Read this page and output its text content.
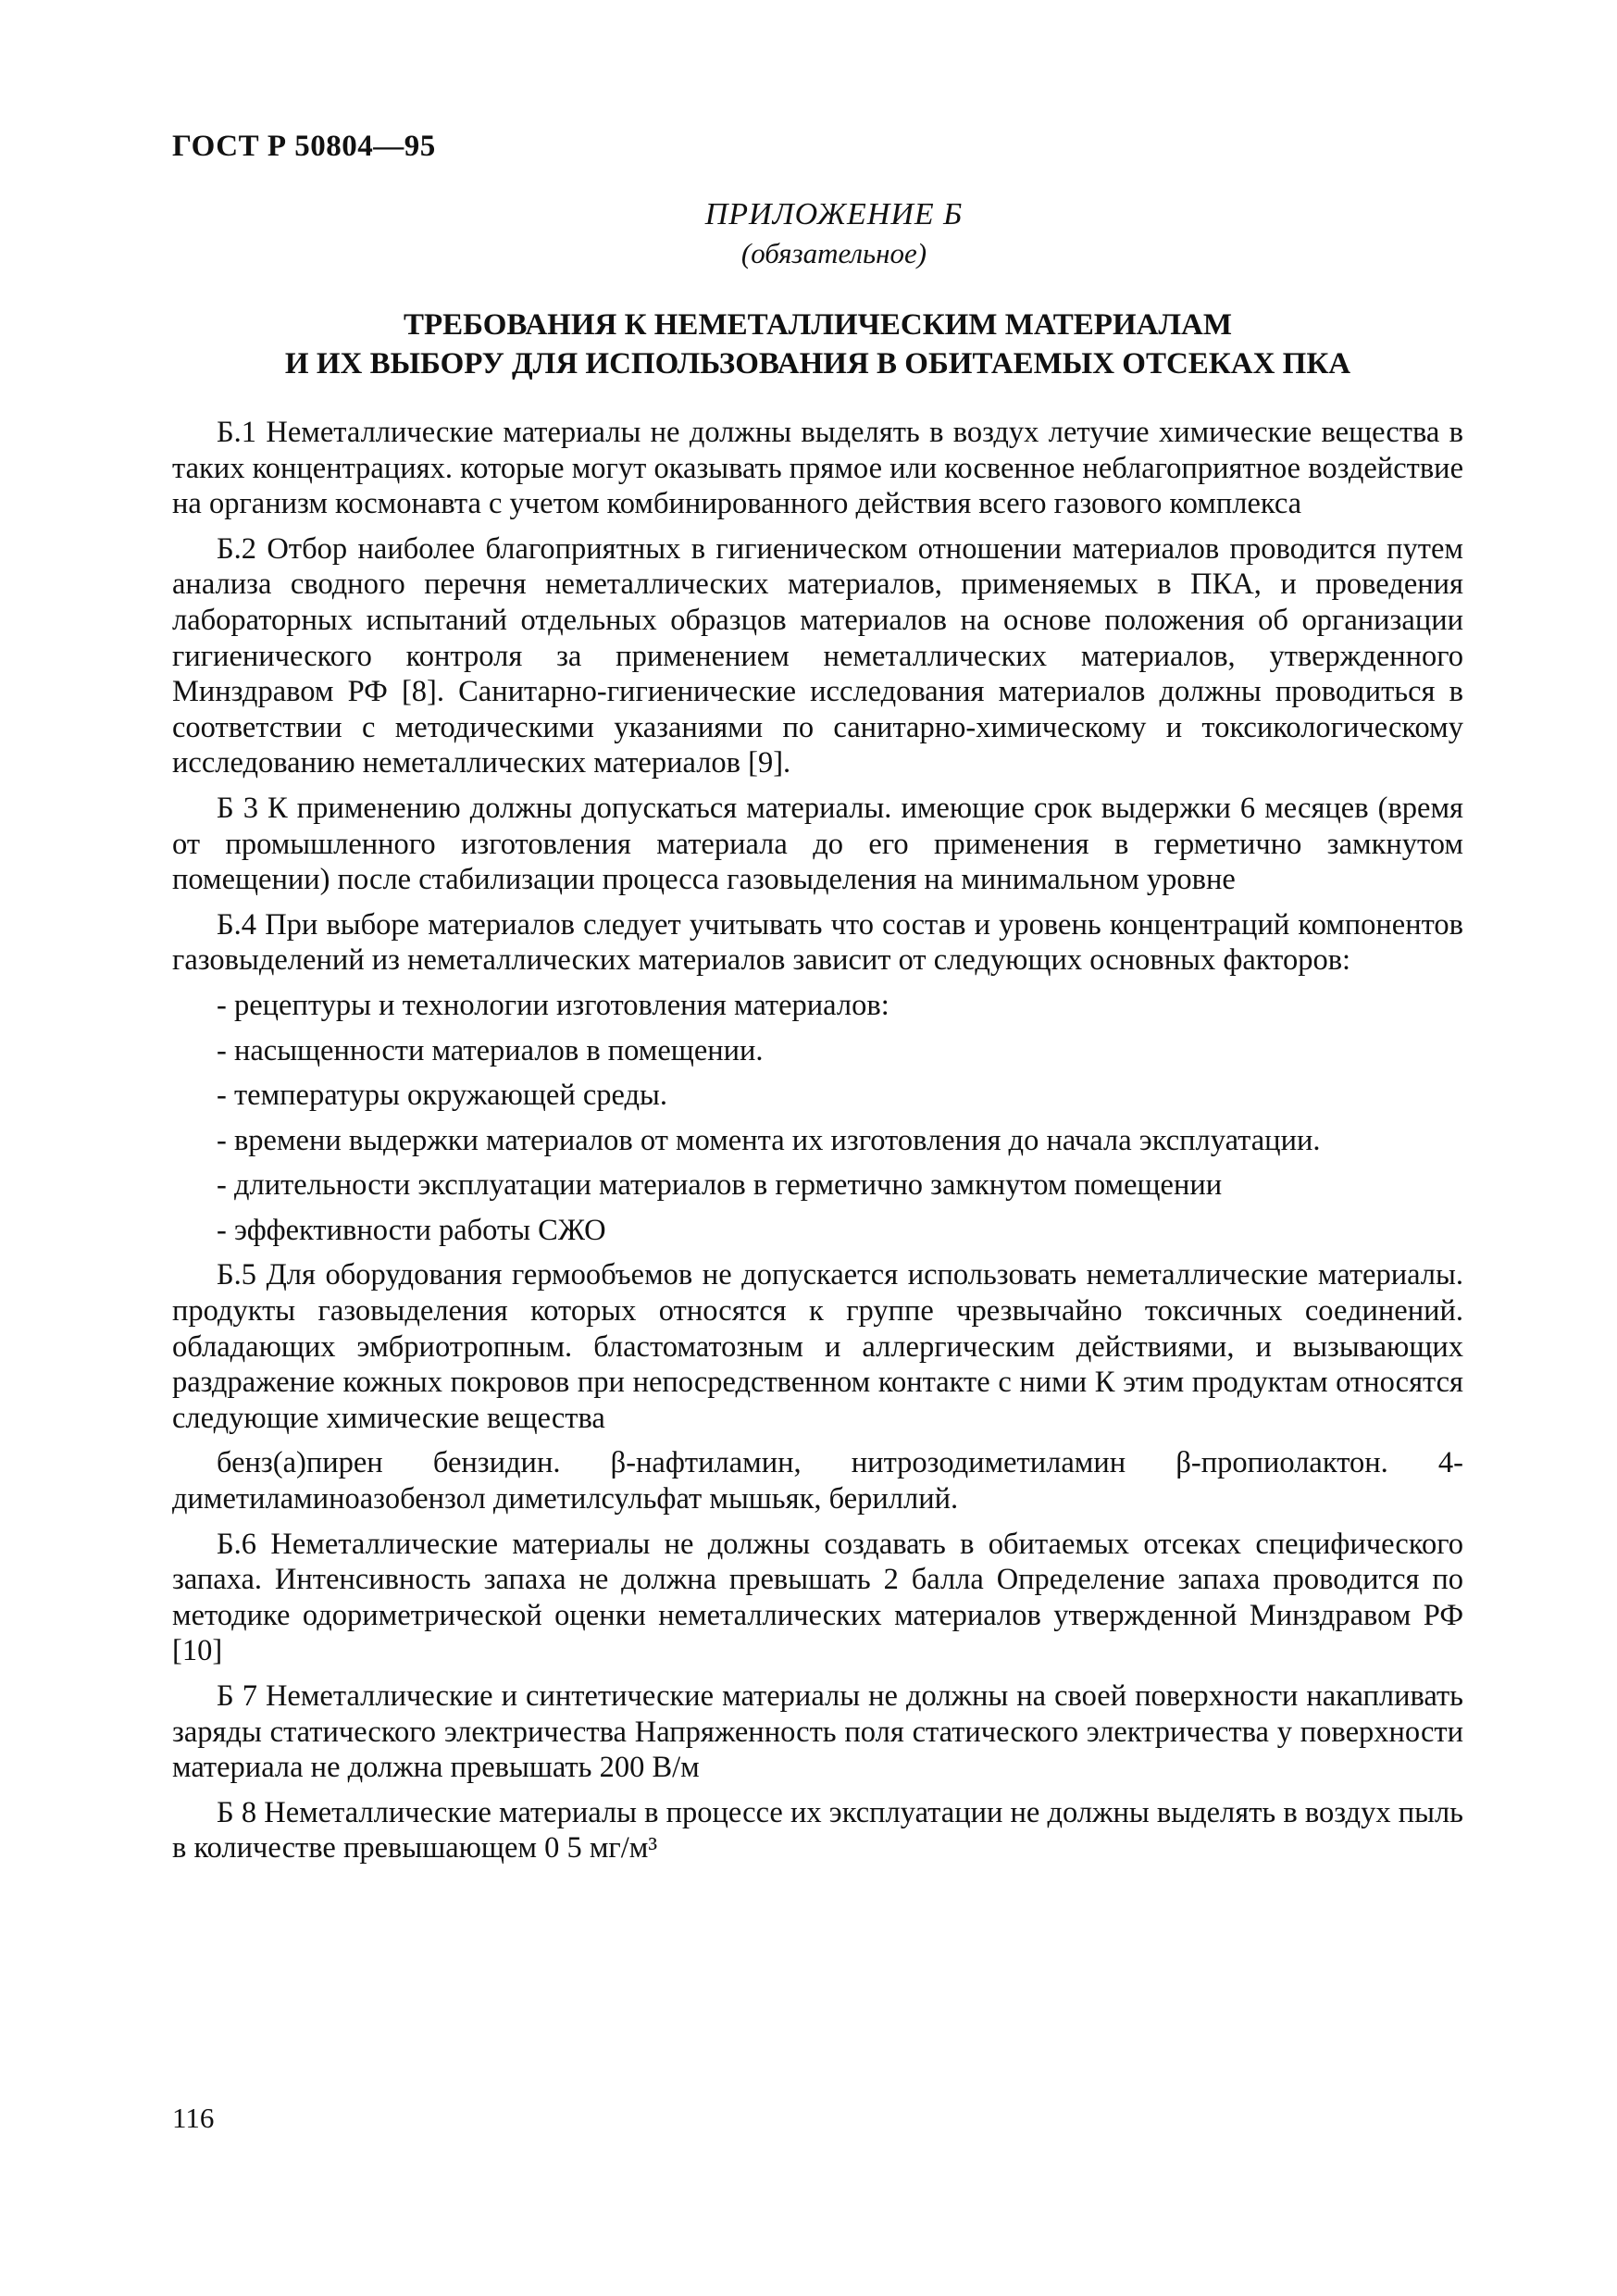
ГОСТ Р 50804—95
ПРИЛОЖЕНИЕ Б
(обязательное)
ТРЕБОВАНИЯ К НЕМЕТАЛЛИЧЕСКИМ МАТЕРИАЛАМ
И ИХ ВЫБОРУ ДЛЯ ИСПОЛЬЗОВАНИЯ В ОБИТАЕМЫХ ОТСЕКАХ ПКА

Б.1 Неметаллические материалы не должны выделять в воздух летучие химические вещества в таких концентрациях. которые могут оказывать прямое или косвенное неблагоприятное воздействие на организм космонавта с учетом комбинированного действия всего газового комплекса

Б.2 Отбор наиболее благоприятных в гигиеническом отношении материалов проводится путем анализа сводного перечня неметаллических материалов, применяемых в ПКА, и проведения лабораторных испытаний отдельных образцов материалов на основе положения об организации гигиенического контроля за применением неметаллических материалов, утвержденного Минздравом РФ [8]. Санитарно-гигиенические исследования материалов должны проводиться в соответствии с методическими указаниями по санитарно-химическому и токсикологическому исследованию неметаллических материалов [9].

Б 3 К применению должны допускаться материалы. имеющие срок выдержки 6 месяцев (время от промышленного изготовления материала до его применения в герметично замкнутом помещении) после стабилизации процесса газовыделения на минимальном уровне

Б.4 При выборе материалов следует учитывать что состав и уровень концентраций компонентов газовыделений из неметаллических материалов зависит от следующих основных факторов:

- рецептуры и технологии изготовления материалов:

- насыщенности материалов в помещении.

- температуры окружающей среды.

- времени выдержки материалов от момента их изготовления до начала эксплуатации.

- длительности эксплуатации материалов в герметично замкнутом помещении

- эффективности работы СЖО

Б.5 Для оборудования гермообъемов не допускается использовать неметаллические материалы. продукты газовыделения которых относятся к группе чрезвычайно токсичных соединений. обладающих эмбриотропным. бластоматозным и аллергическим действиями, и вызывающих раздражение кожных покровов при непосредственном контакте с ними К этим продуктам относятся следующие химические вещества

бенз(а)пирен бензидин. β-нафтиламин, нитрозодиметиламин β-пропиолактон. 4-диметиламиноазобензол диметилсульфат мышьяк, бериллий.

Б.6 Неметаллические материалы не должны создавать в обитаемых отсеках специфического запаха. Интенсивность запаха не должна превышать 2 балла Определение запаха проводится по методике одориметрической оценки неметаллических материалов утвержденной Минздравом РФ [10]

Б 7 Неметаллические и синтетические материалы не должны на своей поверхности накапливать заряды статического электричества Напряженность поля статического электричества у поверхности материала не должна превышать 200 В/м

Б 8 Неметаллические материалы в процессе их эксплуатации не должны выделять в воздух пыль в количестве превышающем 0 5 мг/м³

116
